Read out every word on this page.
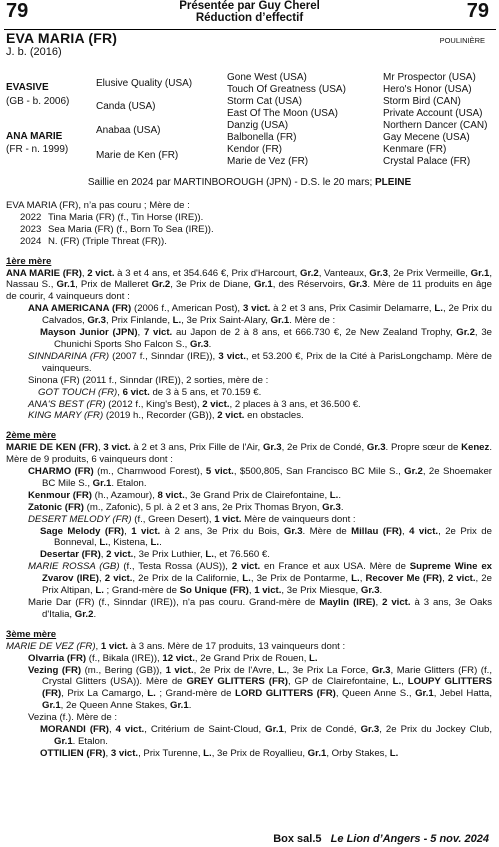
79	Présentée par Guy Cherel
Réduction d’effectif	79
EVA MARIA (FR)
J. b. (2016)
POULINIÈRE
EVASIVE
(GB - b. 2006)
ANA MARIE
(FR - n. 1999)
Elusive Quality (USA)
Canda (USA)
Anabaa (USA)
Marie de Ken (FR)
Gone West (USA)
Touch Of Greatness (USA)
Storm Cat (USA)
East Of The Moon (USA)
Danzig (USA)
Balbonella (FR)
Kendor (FR)
Marie de Vez (FR)
Mr Prospector (USA)
Hero's Honor (USA)
Storm Bird (CAN)
Private Account (USA)
Northern Dancer (CAN)
Gay Mecene (USA)
Kenmare (FR)
Crystal Palace (FR)
Saillie en 2024 par MARTINBOROUGH (JPN) - D.S. le 20 mars; PLEINE

EVA MARIA (FR), n’a pas couru ; Mère de :

2022 Tina Maria (FR) (f., Tin Horse (IRE)).

2023 Sea Maria (FR) (f., Born To Sea (IRE)).

2024 N. (FR) (Triple Threat (FR)).

1ère mère

ANA MARIE (FR), 2 vict. à 3 et 4 ans, et 354.646 €, Prix d'Harcourt, Gr.2, Vanteaux, Gr.3, 2e Prix Vermeille, Gr.1, Nassau S., Gr.1, Prix de Malleret Gr.2, 3e Prix de Diane, Gr.1, des Réservoirs, Gr.3. Mère de 11 produits en âge de courir, 4 vainqueurs dont :

ANA AMERICANA (FR) (2006 f., American Post), 3 vict. à 2 et 3 ans, Prix Casimir Delamarre, L., 2e Prix du Calvados, Gr.3, Prix Finlande, L., 3e Prix Saint-Alary, Gr.1. Mère de :

Mayson Junior (JPN), 7 vict. au Japon de 2 à 8 ans, et 666.730 €, 2e New Zealand Trophy, Gr.2, 3e Chunichi Sports Sho Falcon S., Gr.3.

SINNDARINA (FR) (2007 f., Sinndar (IRE)), 3 vict., et 53.200 €, Prix de la Cité à ParisLongchamp. Mère de vainqueurs.

Sinona (FR) (2011 f., Sinndar (IRE)), 2 sorties, mère de :

GOT TOUCH (FR), 6 vict. de 3 à 5 ans, et 70.159 €.

ANA'S BEST (FR) (2012 f., King's Best), 2 vict., 2 places à 3 ans, et 36.500 €.

KING MARY (FR) (2019 h., Recorder (GB)), 2 vict. en obstacles.

2ème mère

MARIE DE KEN (FR), 3 vict. à 2 et 3 ans, Prix Fille de l'Air, Gr.3, 2e Prix de Condé, Gr.3. Propre sœur de Kenez. Mère de 9 produits, 6 vainqueurs dont :

CHARMO (FR) (m., Charnwood Forest), 5 vict., $500,805, San Francisco BC Mile S., Gr.2, 2e Shoemaker BC Mile S., Gr.1. Etalon.

Kenmour (FR) (h., Azamour), 8 vict., 3e Grand Prix de Clairefontaine, L..

Zatonic (FR) (m., Zafonic), 5 pl. à 2 et 3 ans, 2e Prix Thomas Bryon, Gr.3.

DESERT MELODY (FR) (f., Green Desert), 1 vict. Mère de vainqueurs dont :

Sage Melody (FR), 1 vict. à 2 ans, 3e Prix du Bois, Gr.3. Mère de Millau (FR), 4 vict., 2e Prix de Bonneval, L., Kistena, L..

Desertar (FR), 2 vict., 3e Prix Luthier, L., et 76.560 €.

MARIE ROSSA (GB) (f., Testa Rossa (AUS)), 2 vict. en France et aux USA. Mère de Supreme Wine ex Zvarov (IRE), 2 vict., 2e Prix de la Californie, L., 3e Prix de Pontarme, L., Recover Me (FR), 2 vict., 2e Prix Altipan, L. ; Grand-mère de So Unique (FR), 1 vict., 3e Prix Miesque, Gr.3.

Marie Dar (FR) (f., Sinndar (IRE)), n'a pas couru. Grand-mère de Maylin (IRE), 2 vict. à 3 ans, 3e Oaks d'Italia, Gr.2.

3ème mère

MARIE DE VEZ (FR), 1 vict. à 3 ans. Mère de 17 produits, 13 vainqueurs dont :

Olvarria (FR) (f., Bikala (IRE)), 12 vict., 2e Grand Prix de Rouen, L.

Vezing (FR) (m., Bering (GB)), 1 vict., 2e Prix de l'Avre, L., 3e Prix La Force, Gr.3, Marie Glitters (FR) (f., Crystal Glitters (USA)). Mère de GREY GLITTERS (FR), GP de Clairefontaine, L., LOUPY GLITTERS (FR), Prix La Camargo, L. ; Grand-mère de LORD GLITTERS (FR), Queen Anne S., Gr.1, Jebel Hatta, Gr.1, 2e Queen Anne Stakes, Gr.1.

Vezina (f.). Mère de :

MORANDI (FR), 4 vict., Critérium de Saint-Cloud, Gr.1, Prix de Condé, Gr.3, 2e Prix du Jockey Club, Gr.1. Etalon.

OTTILIEN (FR), 3 vict., Prix Turenne, L., 3e Prix de Royallieu, Gr.1, Orby Stakes, L.

Box sal.5 Le Lion d’Angers - 5 nov. 2024
